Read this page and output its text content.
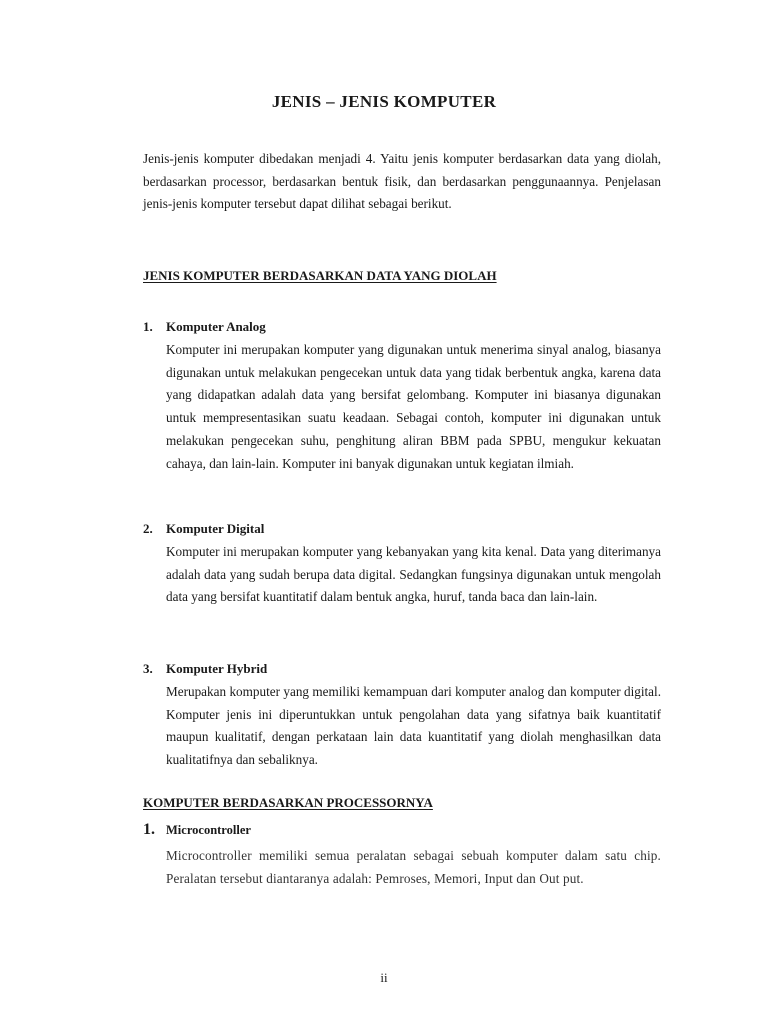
JENIS – JENIS KOMPUTER

Jenis-jenis komputer dibedakan menjadi 4. Yaitu jenis komputer berdasarkan data yang diolah, berdasarkan processor, berdasarkan bentuk fisik, dan berdasarkan penggunaannya. Penjelasan jenis-jenis komputer tersebut dapat dilihat sebagai berikut.

JENIS KOMPUTER BERDASARKAN DATA YANG DIOLAH
1. Komputer Analog

Komputer ini merupakan komputer yang digunakan untuk menerima sinyal analog, biasanya digunakan untuk melakukan pengecekan untuk data yang tidak berbentuk angka, karena data yang didapatkan adalah data yang bersifat gelombang. Komputer ini biasanya digunakan untuk mempresentasikan suatu keadaan. Sebagai contoh, komputer ini digunakan untuk melakukan pengecekan suhu, penghitung aliran BBM pada SPBU, mengukur kekuatan cahaya, dan lain-lain. Komputer ini banyak digunakan untuk kegiatan ilmiah.

2. Komputer Digital

Komputer ini merupakan komputer yang kebanyakan yang kita kenal. Data yang diterimanya adalah data yang sudah berupa data digital. Sedangkan fungsinya digunakan untuk mengolah data yang bersifat kuantitatif dalam bentuk angka, huruf, tanda baca dan lain-lain.

3. Komputer Hybrid

Merupakan komputer yang memiliki kemampuan dari komputer analog dan komputer digital. Komputer jenis ini diperuntukkan untuk pengolahan data yang sifatnya baik kuantitatif maupun kualitatif, dengan perkataan lain data kuantitatif yang diolah menghasilkan data kualitatifnya dan sebaliknya.

KOMPUTER BERDASARKAN PROCESSORNYA
1. Microcontroller

Microcontroller memiliki semua peralatan sebagai sebuah komputer dalam satu chip. Peralatan tersebut diantaranya adalah: Pemroses, Memori, Input dan Out put.

ii
